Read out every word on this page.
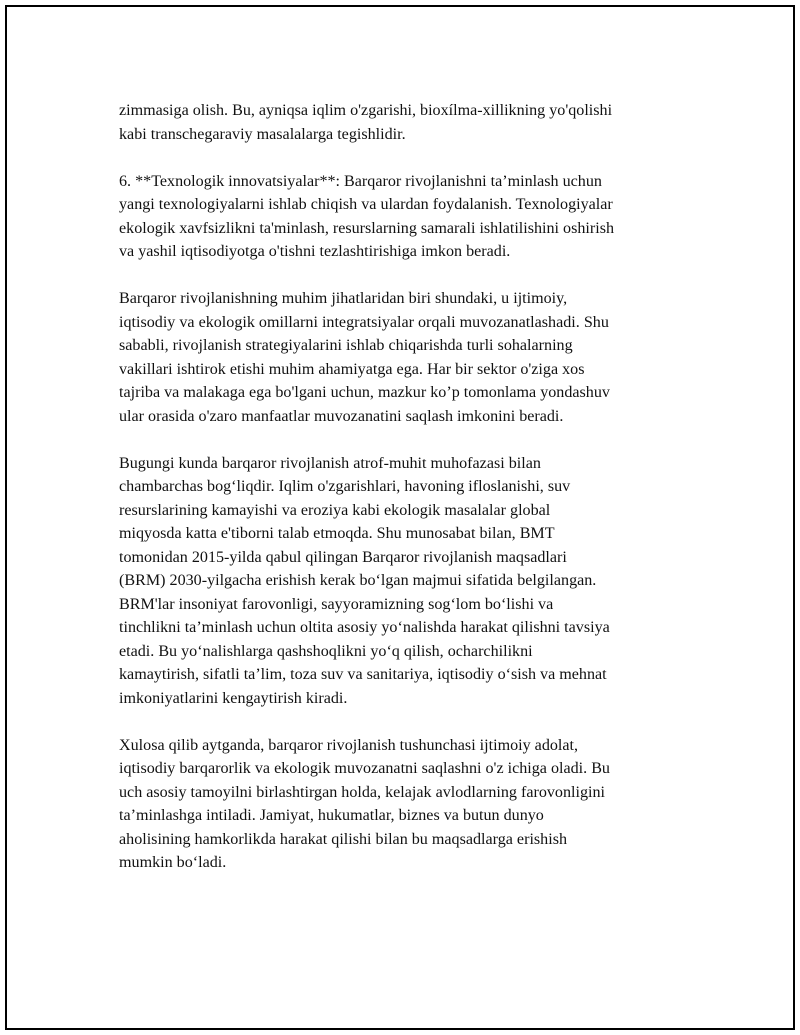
zimmasiga olish. Bu, ayniqsa iqlim o'zgarishi, bioxílma-xillikning yo'qolishi
kabi transchegaraviy masalalarga tegishlidir.

6. **Texnologik innovatsiyalar**: Barqaror rivojlanishni ta’minlash uchun
yangi texnologiyalarni ishlab chiqish va ulardan foydalanish. Texnologiyalar
ekologik xavfsizlikni ta'minlash, resurslarning samarali ishlatilishini oshirish
va yashil iqtisodiyotga o'tishni tezlashtirishiga imkon beradi.

Barqaror rivojlanishning muhim jihatlaridan biri shundaki, u ijtimoiy,
iqtisodiy va ekologik omillarni integratsiyalar orqali muvozanatlashadi. Shu
sababli, rivojlanish strategiyalarini ishlab chiqarishda turli sohalarning
vakillari ishtirok etishi muhim ahamiyatga ega. Har bir sektor o'ziga xos
tajriba va malakaga ega bo'lgani uchun, mazkur ko’p tomonlama yondashuv
ular orasida o'zaro manfaatlar muvozanatini saqlash imkonini beradi.

Bugungi kunda barqaror rivojlanish atrof-muhit muhofazasi bilan
chambarchas bog‘liqdir. Iqlim o'zgarishlari, havoning ifloslanishi, suv
resurslarining kamayishi va eroziya kabi ekologik masalalar global
miqyosda katta e'tiborni talab etmoqda. Shu munosabat bilan, BMT
tomonidan 2015-yilda qabul qilingan Barqaror rivojlanish maqsadlari
(BRM) 2030-yilgacha erishish kerak bo‘lgan majmui sifatida belgilangan.
BRM'lar insoniyat farovonligi, sayyoramizning sog‘lom bo‘lishi va
tinchlikni ta’minlash uchun oltita asosiy yo‘nalishda harakat qilishni tavsiya
etadi. Bu yo‘nalishlarga qashshoqlikni yo‘q qilish, ocharchilikni
kamaytirish, sifatli ta’lim, toza suv va sanitariya, iqtisodiy o‘sish va mehnat
imkoniyatlarini kengaytirish kiradi.

Xulosa qilib aytganda, barqaror rivojlanish tushunchasi ijtimoiy adolat,
iqtisodiy barqarorlik va ekologik muvozanatni saqlashni o'z ichiga oladi. Bu
uch asosiy tamoyilni birlashtirgan holda, kelajak avlodlarning farovonligini
ta’minlashga intiladi. Jamiyat, hukumatlar, biznes va butun dunyo
aholisining hamkorlikda harakat qilishi bilan bu maqsadlarga erishish
mumkin bo‘ladi.
